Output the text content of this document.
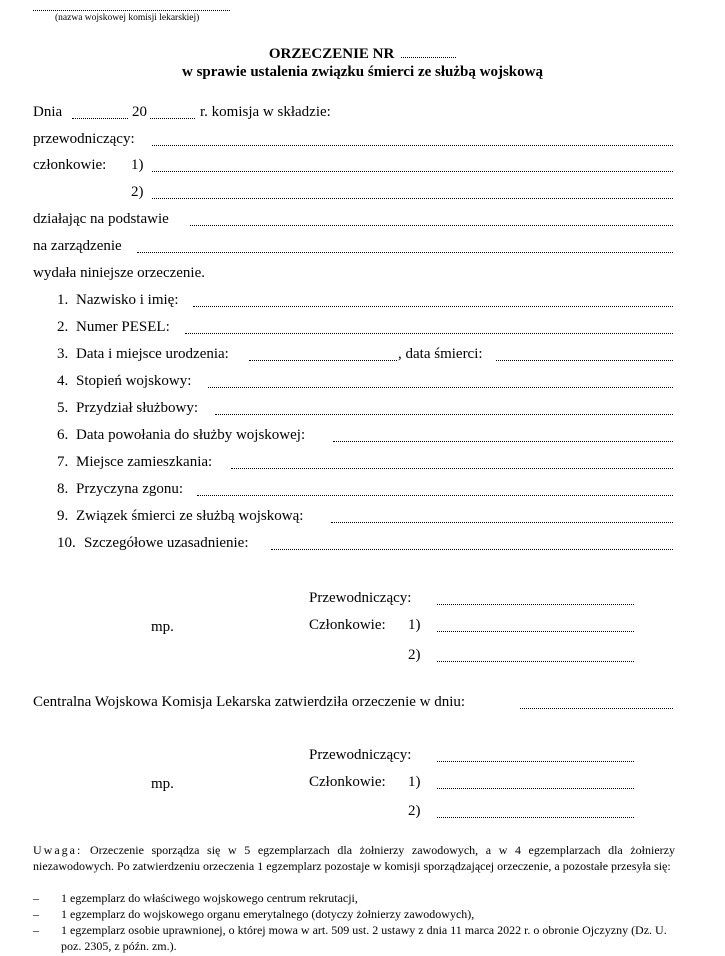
(nazwa wojskowej komisji lekarskiej)
ORZECZENIE NR
w sprawie ustalenia związku śmierci ze służbą wojskową
Dnia	20	r. komisja w składzie:
przewodniczący:
członkowie: 1)
2)
działając na podstawie
na zarządzenie
wydała niniejsze orzeczenie.
1. Nazwisko i imię:
2. Numer PESEL:
3. Data i miejsce urodzenia:	, data śmierci:
4. Stopień wojskowy:
5. Przydział służbowy:
6. Data powołania do służby wojskowej:
7. Miejsce zamieszkania:
8. Przyczyna zgonu:
9. Związek śmierci ze służbą wojskową:
10. Szczegółowe uzasadnienie:
Przewodniczący:
mp.	Członkowie: 1)
2)
Centralna Wojskowa Komisja Lekarska zatwierdziła orzeczenie w dniu:
Przewodniczący:
mp.	Członkowie: 1)
2)
Uwaga: Orzeczenie sporządza się w 5 egzemplarzach dla żołnierzy zawodowych, a w 4 egzemplarzach dla żołnierzy niezawodowych. Po zatwierdzeniu orzeczenia 1 egzemplarz pozostaje w komisji sporządzającej orzeczenie, a pozostałe przesyła się:
–	1 egzemplarz do właściwego wojskowego centrum rekrutacji,
–	1 egzemplarz do wojskowego organu emerytalnego (dotyczy żołnierzy zawodowych),
–	1 egzemplarz osobie uprawnionej, o której mowa w art. 509 ust. 2 ustawy z dnia 11 marca 2022 r. o obronie Ojczyzny (Dz. U. poz. 2305, z późn. zm.).
